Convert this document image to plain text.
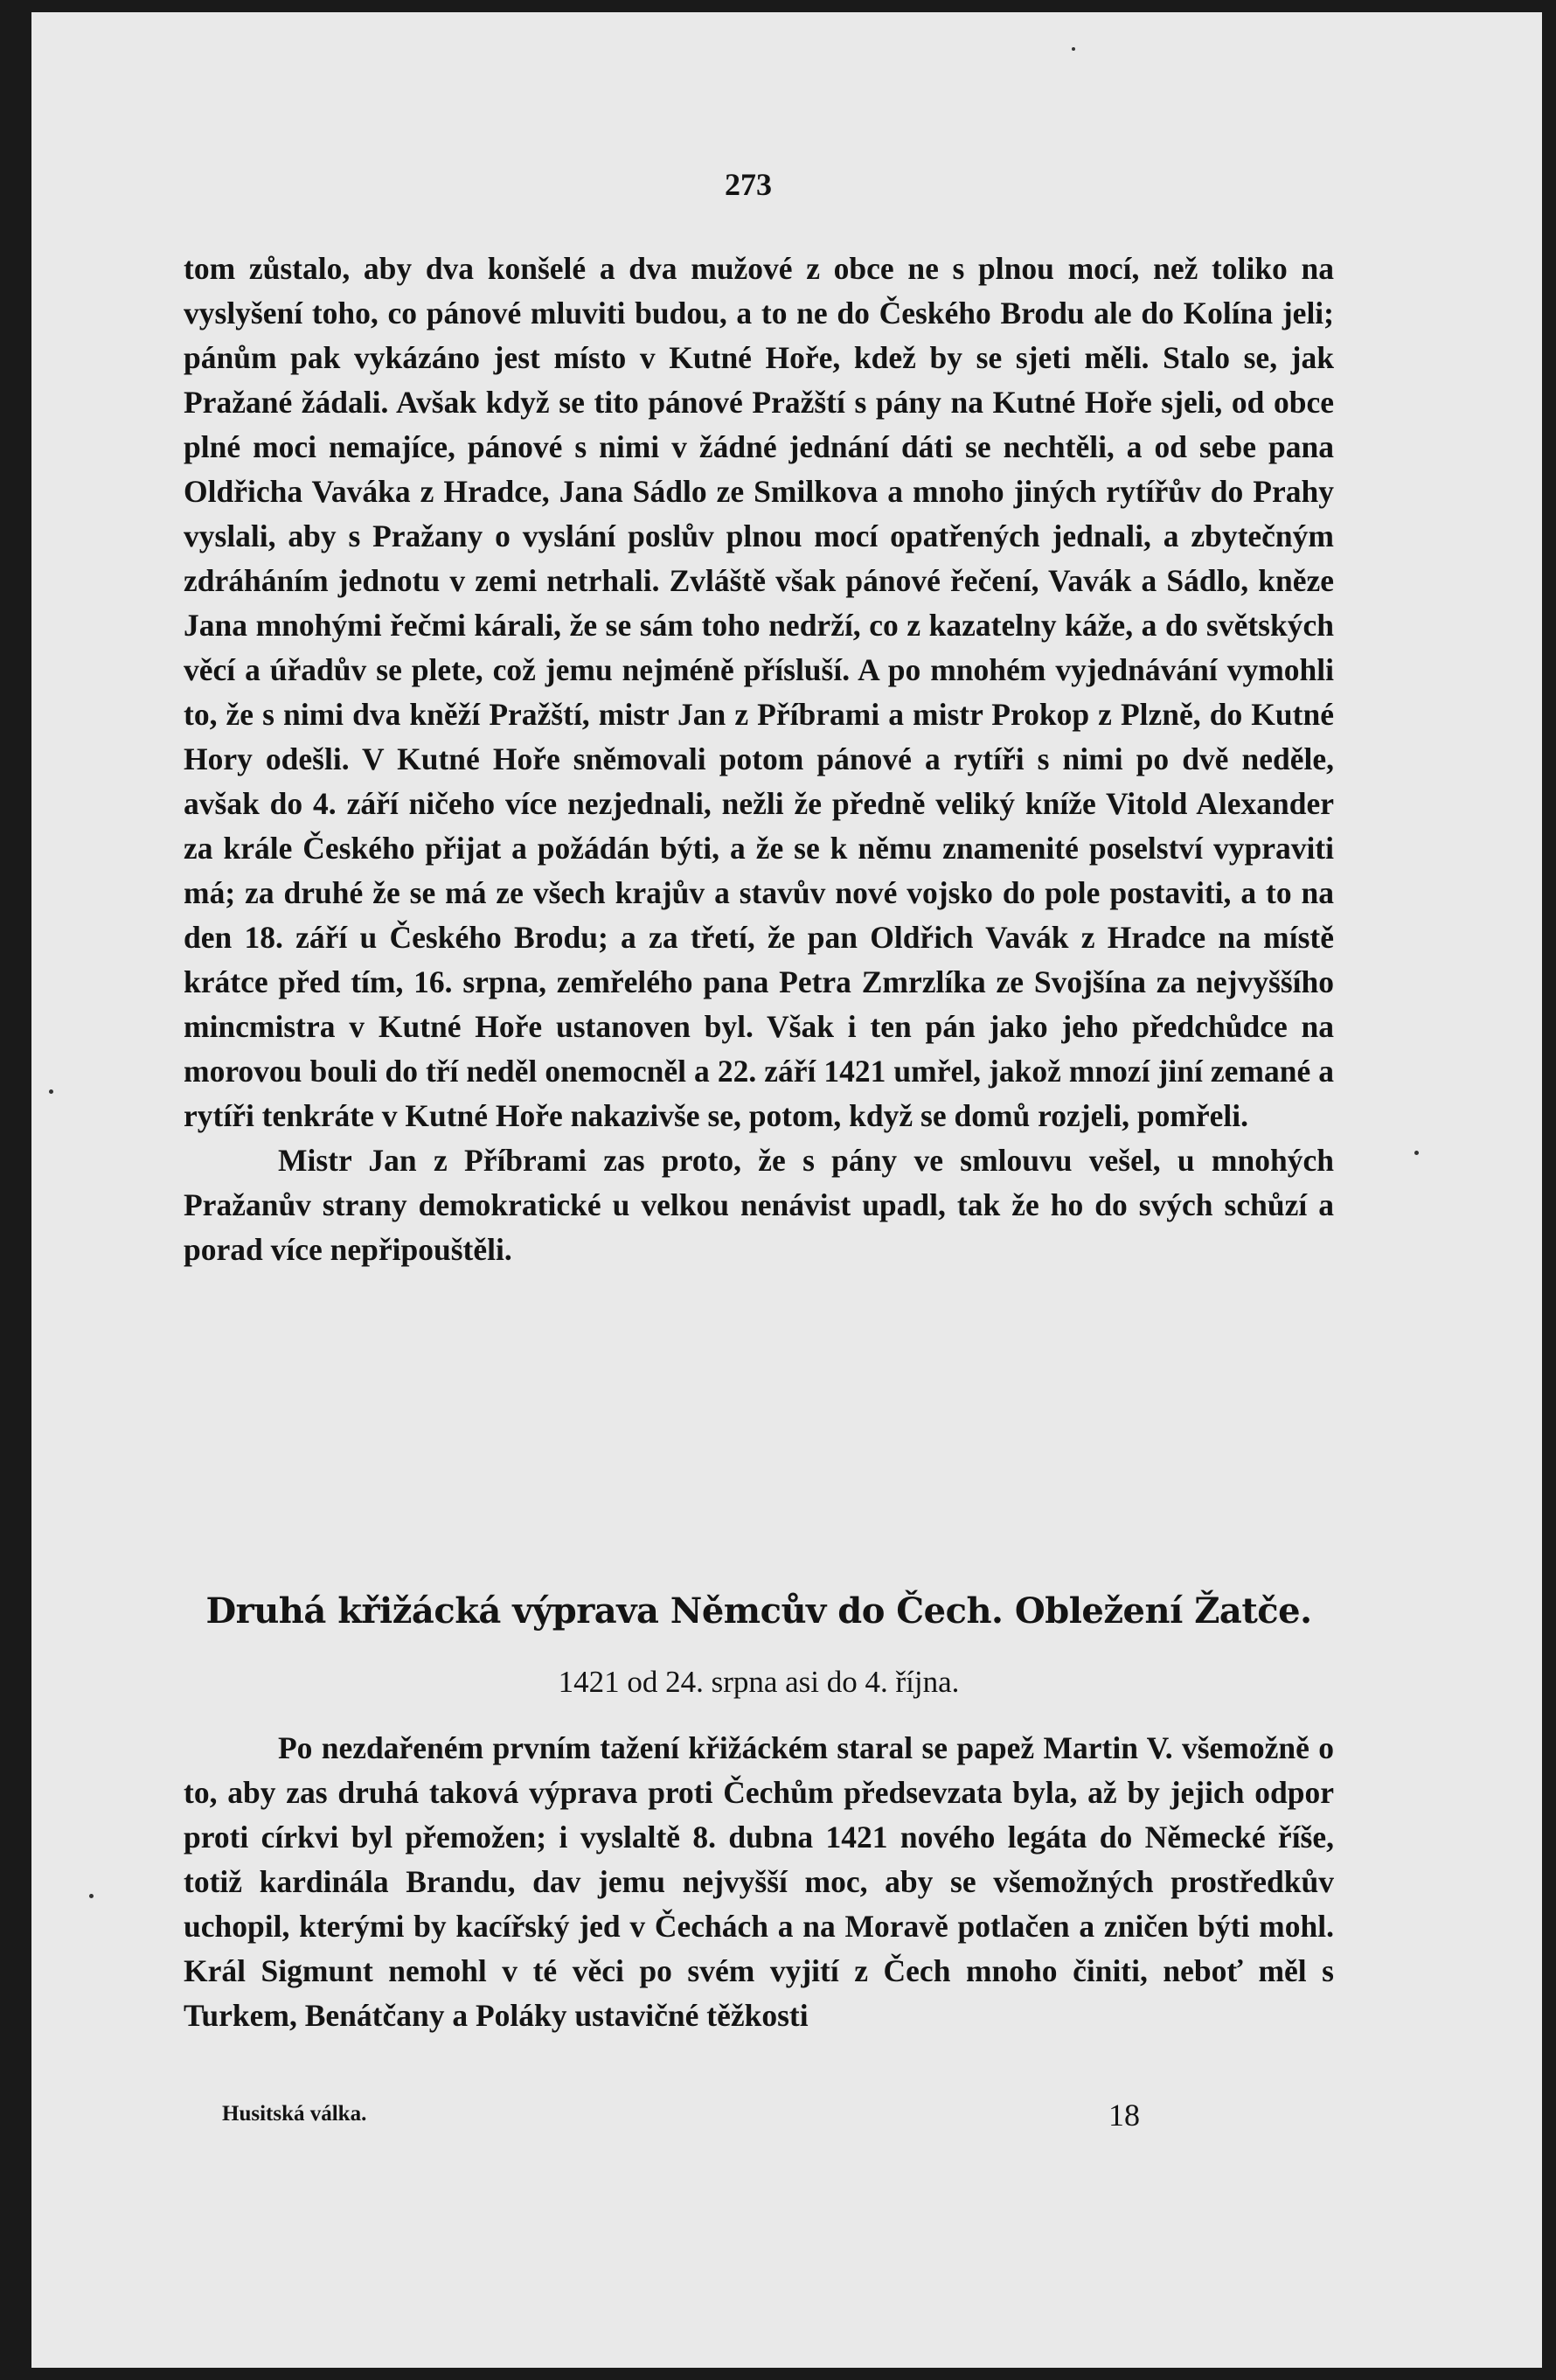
273

tom zůstalo, aby dva konšelé a dva mužové z obce ne s plnou mocí, než toliko na vyslyšení toho, co pánové mluviti budou, a to ne do Českého Brodu ale do Kolína jeli; pánům pak vykázáno jest místo v Kutné Hoře, kdež by se sjeti měli. Stalo se, jak Pražané žádali. Avšak když se tito pánové Pražští s pány na Kutné Hoře sjeli, od obce plné moci nemajíce, pánové s nimi v žádné jednání dáti se nechtěli, a od sebe pana Oldřicha Vaváka z Hradce, Jana Sádlo ze Smilkova a mnoho jiných rytířův do Prahy vyslali, aby s Pražany o vyslání poslův plnou mocí opatřených jednali, a zbytečným zdráháním jednotu v zemi netrhali. Zvláště však pánové řečení, Vavák a Sádlo, kněze Jana mnohými řečmi kárali, že se sám toho nedrží, co z kazatelny káže, a do světských věcí a úřadův se plete, což jemu nejméně přísluší. A po mnohém vyjednávání vymohli to, že s nimi dva kněží Pražští, mistr Jan z Příbrami a mistr Prokop z Plzně, do Kutné Hory odešli. V Kutné Hoře sněmovali potom pánové a rytíři s nimi po dvě neděle, avšak do 4. září ničeho více nezjednali, nežli že předně veliký kníže Vitold Alexander za krále Českého přijat a požádán býti, a že se k němu znamenité poselství vypraviti má; za druhé že se má ze všech krajův a stavův nové vojsko do pole postaviti, a to na den 18. září u Českého Brodu; a za třetí, že pan Oldřich Vavák z Hradce na místě krátce před tím, 16. srpna, zemřelého pana Petra Zmrzlíka ze Svojšína za nejvyššího mincmistra v Kutné Hoře ustanoven byl. Však i ten pán jako jeho předchůdce na morovou bouli do tří neděl onemocněl a 22. září 1421 umřel, jakož mnozí jiní zemané a rytíři tenkráte v Kutné Hoře nakazivše se, potom, když se domů rozjeli, pomřeli.

Mistr Jan z Příbrami zas proto, že s pány ve smlouvu vešel, u mnohých Pražanův strany demokratické u velkou nenávist upadl, tak že ho do svých schůzí a porad více nepřipouštěli.

Druhá křižácká výprava Němcův do Čech. Obležení Žatče.
1421 od 24. srpna asi do 4. října.

Po nezdařeném prvním tažení křižáckém staral se papež Martin V. všemožně o to, aby zas druhá taková výprava proti Čechům předsevzata byla, až by jejich odpor proti církvi byl přemožen; i vyslaltě 8. dubna 1421 nového legáta do Německé říše, totiž kardinála Brandu, dav jemu nejvyšší moc, aby se všemožných prostředkův uchopil, kterými by kacířský jed v Čechách a na Moravě potlačen a zničen býti mohl. Král Sigmunt nemohl v té věci po svém vyjití z Čech mnoho činiti, neboť měl s Turkem, Benátčany a Poláky ustavičné těžkosti

Husitská válka.	18
